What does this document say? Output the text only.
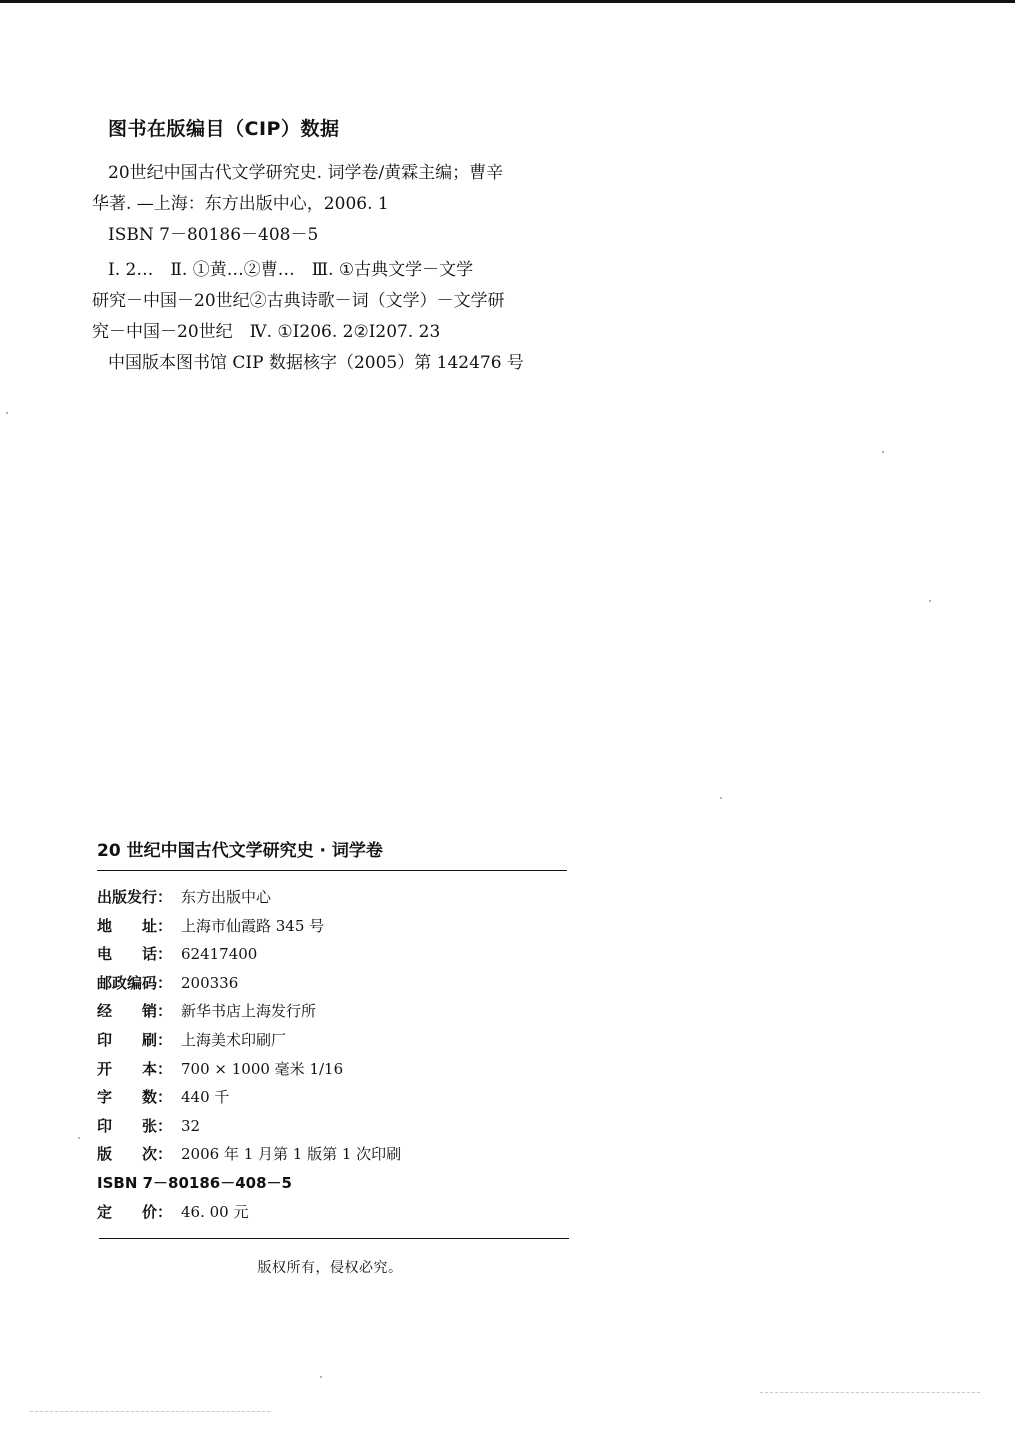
图书在版编目（CIP）数据
20世纪中国古代文学研究史. 词学卷/黄霖主编；曹辛
华著. —上海：东方出版中心，2006. 1
ISBN 7－80186－408－5
Ⅰ. 2…　Ⅱ. ①黄…②曹…　Ⅲ. ①古典文学－文学
研究－中国－20世纪②古典诗歌－词（文学）－文学研
究－中国－20世纪　Ⅳ. ①I206. 2②I207. 23
中国版本图书馆 CIP 数据核字（2005）第 142476 号
20 世纪中国古代文学研究史 · 词学卷
出版发行： 东方出版中心
地　　址： 上海市仙霞路 345 号
电　　话： 62417400
邮政编码： 200336
经　　销： 新华书店上海发行所
印　　刷： 上海美术印刷厂
开　　本： 700 × 1000 毫米 1/16
字　　数： 440 千
印　　张： 32
版　　次： 2006 年 1 月第 1 版第 1 次印刷
ISBN 7－80186－408－5
定　　价： 46. 00 元
版权所有，侵权必究。
